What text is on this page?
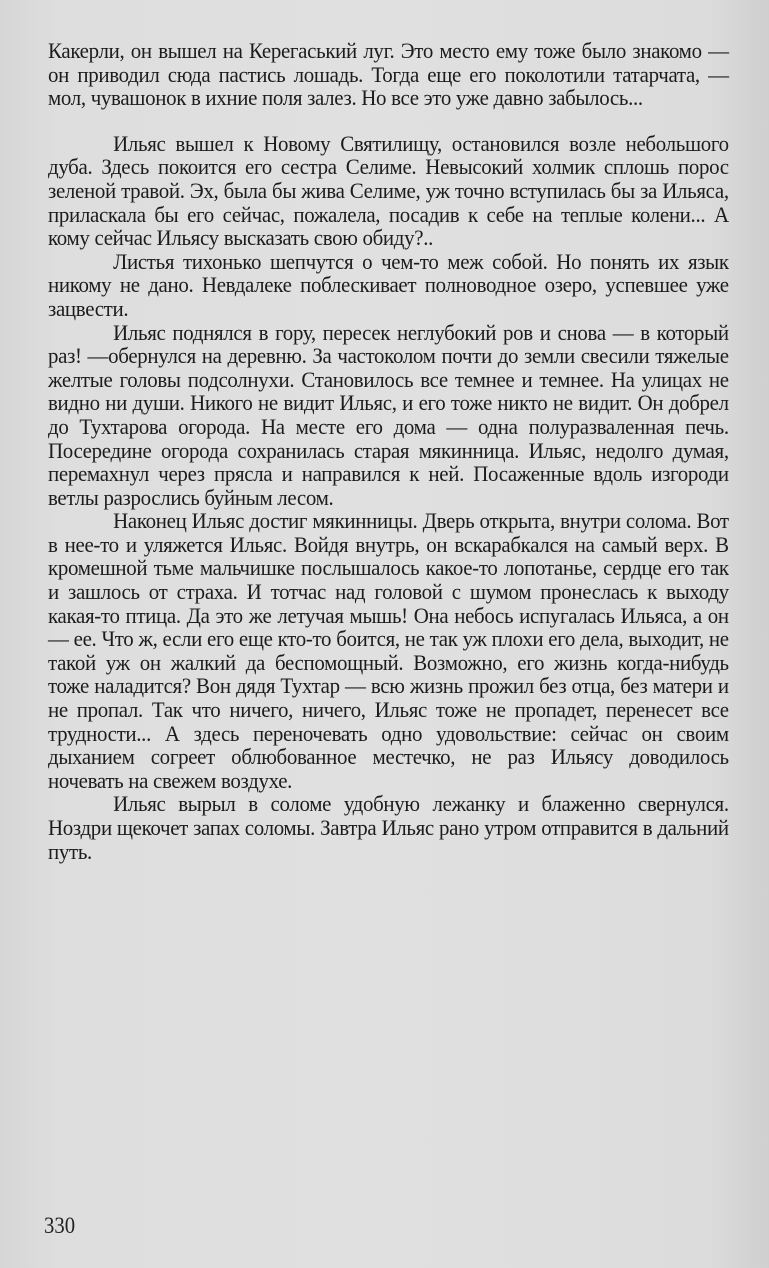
Какерли, он вышел на Керегаський луг. Это место ему тоже было знакомо — он приводил сюда пастись лошадь. Тогда еще его поколотили татарчата, — мол, чувашонок в ихние поля залез. Но все это уже давно забылось...

Ильяс вышел к Новому Святилищу, остановился возле небольшого дуба. Здесь покоится его сестра Селиме. Невысокий холмик сплошь порос зеленой травой. Эх, была бы жива Селиме, уж точно вступилась бы за Ильяса, приласкала бы его сейчас, пожалела, посадив к себе на теплые колени... А кому сейчас Ильясу высказать свою обиду?..

Листья тихонько шепчутся о чем-то меж собой. Но понять их язык никому не дано. Невдалеке поблескивает полноводное озеро, успевшее уже зацвести.

Ильяс поднялся в гору, пересек неглубокий ров и снова — в который раз! —обернулся на деревню. За частоколом почти до земли свесили тяжелые желтые головы подсолнухи. Становилось все темнее и темнее. На улицах не видно ни души. Никого не видит Ильяс, и его тоже никто не видит. Он добрел до Тухтарова огорода. На месте его дома — одна полуразваленная печь. Посередине огорода сохранилась старая мякинница. Ильяс, недолго думая, перемахнул через прясла и направился к ней. Посаженные вдоль изгороди ветлы разрослись буйным лесом.

Наконец Ильяс достиг мякинницы. Дверь открыта, внутри солома. Вот в нее-то и уляжется Ильяс. Войдя внутрь, он вскарабкался на самый верх. В кромешной тьме мальчишке послышалось какое-то лопотанье, сердце его так и зашлось от страха. И тотчас над головой с шумом пронеслась к выходу какая-то птица. Да это же летучая мышь! Она небось испугалась Ильяса, а он — ее. Что ж, если его еще кто-то боится, не так уж плохи его дела, выходит, не такой уж он жалкий да беспомощный. Возможно, его жизнь когда-нибудь тоже наладится? Вон дядя Тухтар — всю жизнь прожил без отца, без матери и не пропал. Так что ничего, ничего, Ильяс тоже не пропадет, перенесет все трудности... А здесь переночевать одно удовольствие: сейчас он своим дыханием согреет облюбованное местечко, не раз Ильясу доводилось ночевать на свежем воздухе.

Ильяс вырыл в соломе удобную лежанку и блаженно свернулся. Ноздри щекочет запах соломы. Завтра Ильяс рано утром отправится в дальний путь.

330
